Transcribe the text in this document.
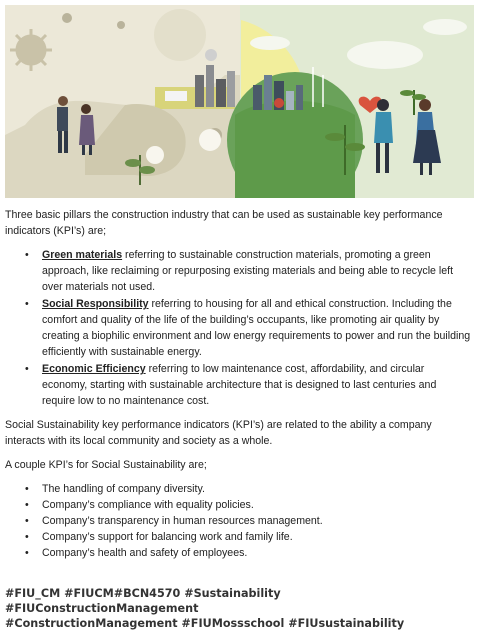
Three basic pillars the construction industry that can be used as sustainable key performance indicators (KPI’s) are;

• Green materials referring to sustainable construction materials, promoting a green approach, like reclaiming or repurposing existing materials and being able to recycle left over materials not used.
• Social Responsibility referring to housing for all and ethical construction. Including the comfort and quality of the life of the building’s occupants, like promoting air quality by creating a biophilic environment and low energy requirements to power and run the building efficiently with sustainable energy.
• Economic Efficiency referring to low maintenance cost, affordability, and circular economy, starting with sustainable architecture that is designed to last centuries and require low to no maintenance cost.

Social Sustainability key performance indicators (KPI’s) are related to the ability a company interacts with its local community and society as a whole.

A couple KPI’s for Social Sustainability are;

• The handling of company diversity.
• Company’s compliance with equality policies.
• Company’s transparency in human resources management.
• Company’s support for balancing work and family life.
• Company’s health and safety of employees.
#FIU_CM #FIUCM#BCN4570 #Sustainability #FIUConstructionManagement
#ConstructionManagement #FIUMossschool #FIUsustainability
